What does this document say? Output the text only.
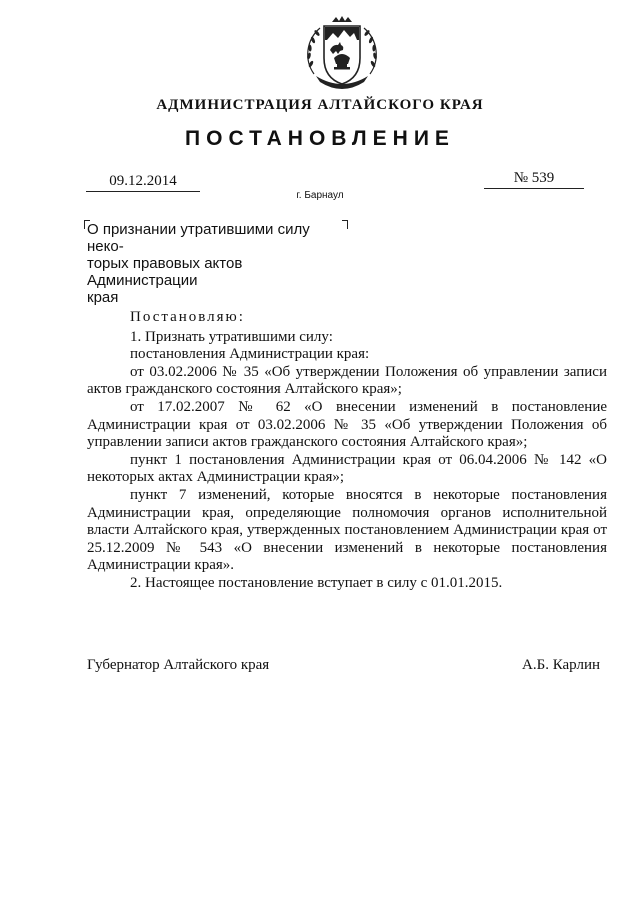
АДМИНИСТРАЦИЯ АЛТАЙСКОГО КРАЯ
ПОСТАНОВЛЕНИЕ
09.12.2014	№ 539
г. Барнаул
О признании утратившими силу неко-
торых правовых актов Администрации
края

Постановляю:

1. Признать утратившими силу:

постановления Администрации края:

от 03.02.2006 № 35 «Об утверждении Положения об управлении записи актов гражданского состояния Алтайского края»;

от 17.02.2007 № 62 «О внесении изменений в постановление Администрации края от 03.02.2006 № 35 «Об утверждении Положения об управлении записи актов гражданского состояния Алтайского края»;

пункт 1 постановления Администрации края от 06.04.2006 № 142 «О некоторых актах Администрации края»;

пункт 7 изменений, которые вносятся в некоторые постановления Администрации края, определяющие полномочия органов исполнительной власти Алтайского края, утвержденных постановлением Администрации края от 25.12.2009 № 543 «О внесении изменений в некоторые постановления Администрации края».

2. Настоящее постановление вступает в силу с 01.01.2015.

Губернатор Алтайского края	А.Б. Карлин
